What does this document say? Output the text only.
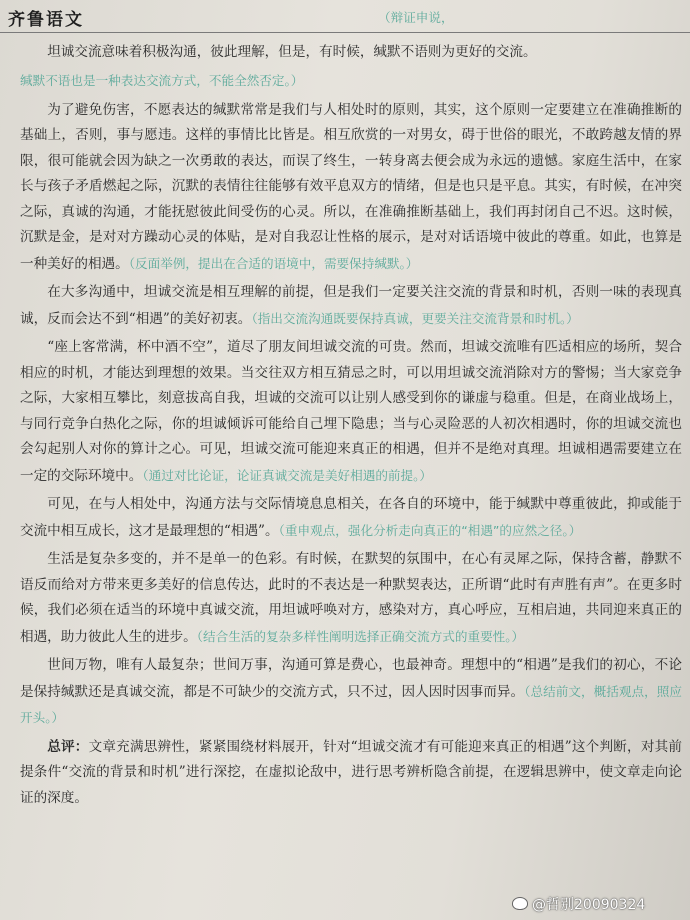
齐鲁语文	（辩证申说，

坦诚交流意味着积极沟通，彼此理解，但是，有时候，缄默不语则为更好的交流。

缄默不语也是一种表达交流方式，不能全然否定。）

为了避免伤害，不愿表达的缄默常常是我们与人相处时的原则，其实，这个原则一定要建立在准确推断的基础上，否则，事与愿违。这样的事情比比皆是。相互欣赏的一对男女，碍于世俗的眼光，不敢跨越友情的界限，很可能就会因为缺之一次勇敢的表达，而误了终生，一转身离去便会成为永远的遗憾。家庭生活中，在家长与孩子矛盾燃起之际，沉默的表情往往能够有效平息双方的情绪，但是也只是平息。其实，有时候，在冲突之际，真诚的沟通，才能抚慰彼此间受伤的心灵。所以，在准确推断基础上，我们再封闭自己不迟。这时候，沉默是金，是对对方躁动心灵的体贴，是对自我忍让性格的展示，是对对话语境中彼此的尊重。如此，也算是一种美好的相遇。（反面举例，提出在合适的语境中，需要保持缄默。）

在大多沟通中，坦诚交流是相互理解的前提，但是我们一定要关注交流的背景和时机，否则一味的表现真诚，反而会达不到“相遇”的美好初衷。（指出交流沟通既要保持真诚，更要关注交流背景和时机。）

“座上客常满，杯中酒不空”，道尽了朋友间坦诚交流的可贵。然而，坦诚交流唯有匹适相应的场所，契合相应的时机，才能达到理想的效果。当交往双方相互猜忌之时，可以用坦诚交流消除对方的警惕；当大家竞争之际，大家相互攀比，刻意拔高自我，坦诚的交流可以让别人感受到你的谦虚与稳重。但是，在商业战场上，与同行竞争白热化之际，你的坦诚倾诉可能给自己埋下隐患；当与心灵险恶的人初次相遇时，你的坦诚交流也会勾起别人对你的算计之心。可见，坦诚交流可能迎来真正的相遇，但并不是绝对真理。坦诚相遇需要建立在一定的交际环境中。（通过对比论证，论证真诚交流是美好相遇的前提。）

可见，在与人相处中，沟通方法与交际情境息息相关，在各自的环境中，能于缄默中尊重彼此，抑或能于交流中相互成长，这才是最理想的“相遇”。（重申观点，强化分析走向真正的“相遇”的应然之径。）

生活是复杂多变的，并不是单一的色彩。有时候，在默契的氛围中，在心有灵犀之际，保持含蓄，静默不语反而给对方带来更多美好的信息传达，此时的不表达是一种默契表达，正所谓“此时有声胜有声”。在更多时候，我们必须在适当的环境中真诚交流，用坦诚呼唤对方，感染对方，真心呼应，互相启迪，共同迎来真正的相遇，助力彼此人生的进步。（结合生活的复杂多样性阐明选择正确交流方式的重要性。）

世间万物，唯有人最复杂；世间万事，沟通可算是费心，也最神奇。理想中的“相遇”是我们的初心，不论是保持缄默还是真诚交流，都是不可缺少的交流方式，只不过，因人因时因事而异。（总结前文，概括观点，照应开头。）

总评：文章充满思辨性，紧紧围绕材料展开，针对“坦诚交流才有可能迎来真正的相遇”这个判断，对其前提条件“交流的背景和时机”进行深挖，在虚拟论敌中，进行思考辨析隐含前提，在逻辑思辨中，使文章走向论证的深度。

@哲别20090324
